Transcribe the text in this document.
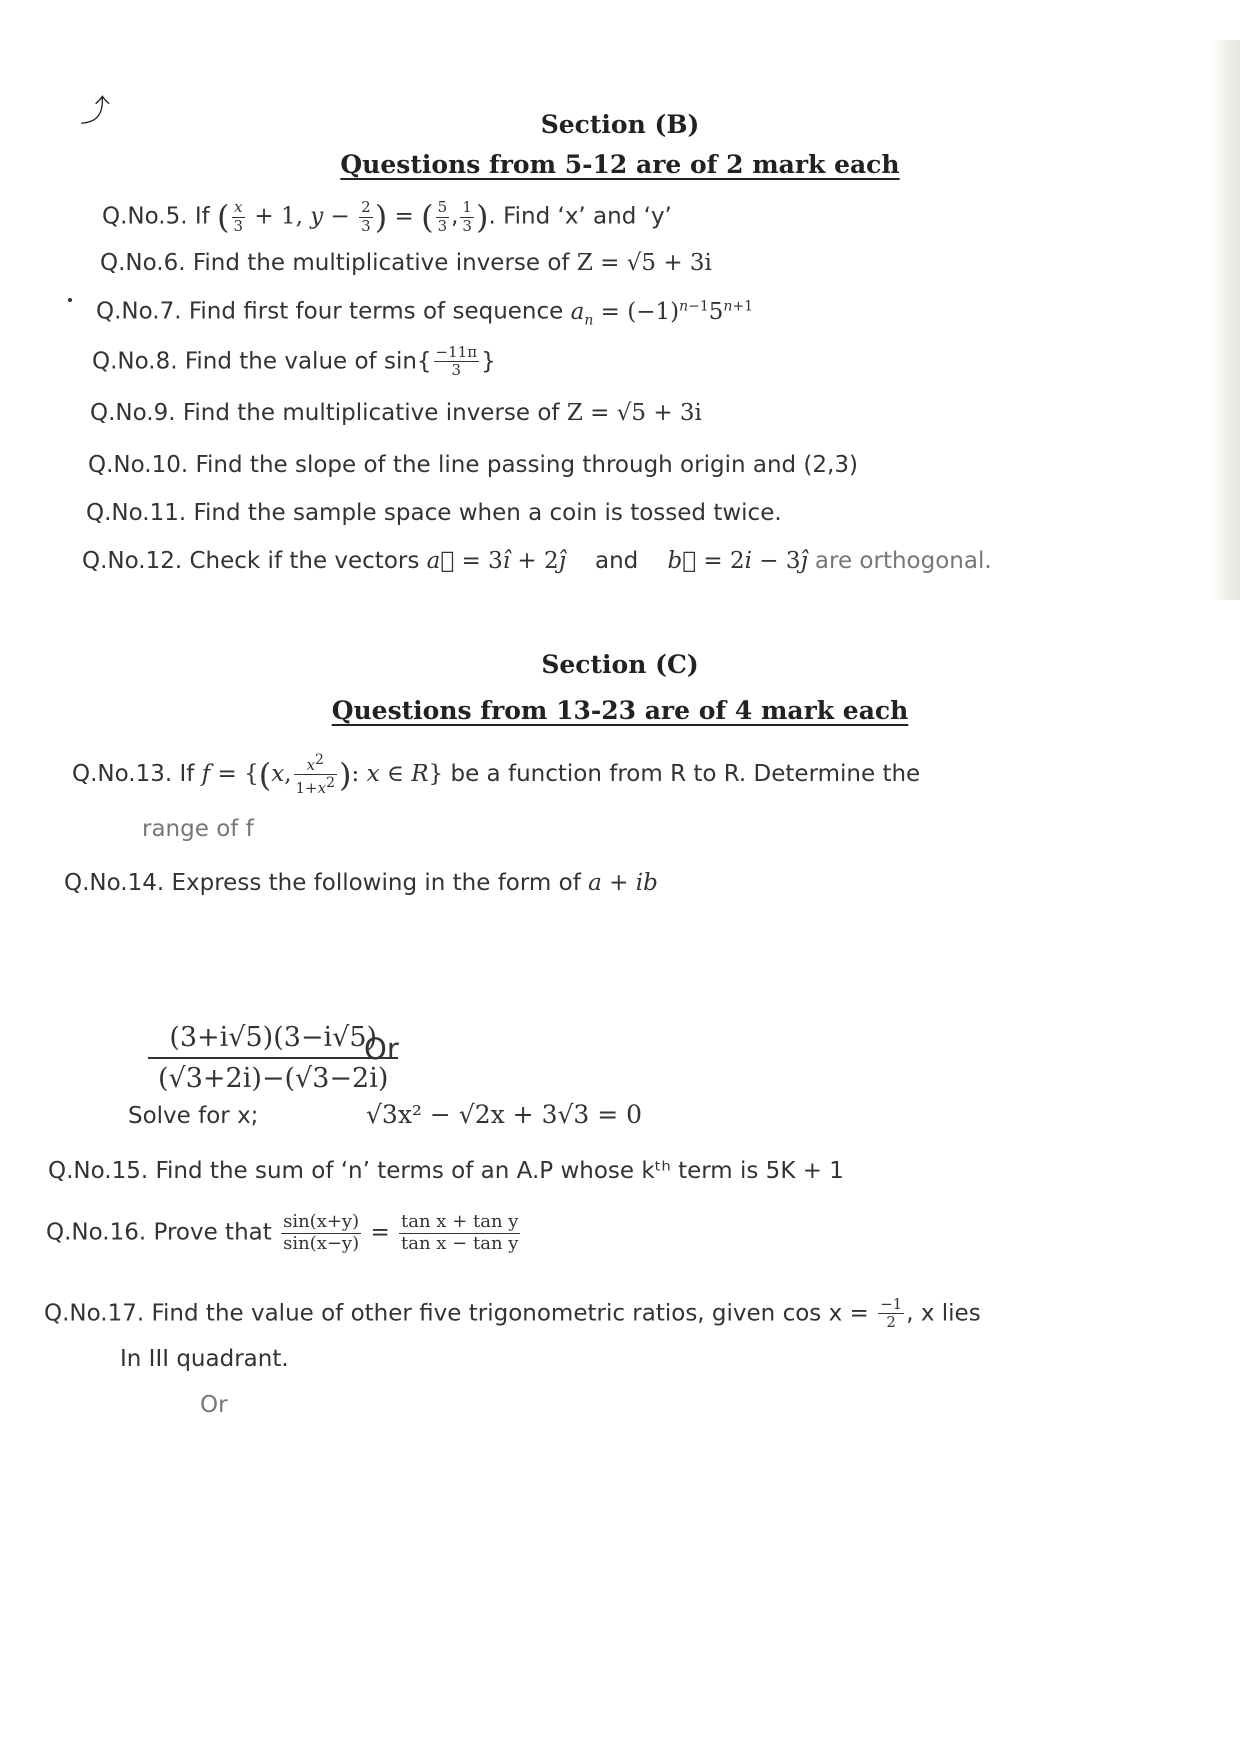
⤴	Section (B)
Questions from 5-12 are of 2 mark each
Q.No.5. If ( $\frac{x}{3} + 1$, $y - \frac{2}{3}$ ) = ( $\frac{5}{3}$ , $\frac{1}{3}$ ). Find ‘x’ and ‘y’
Q.No.6. Find the multiplicative inverse of Z = √5 + 3i
Q.No.7. Find first four terms of sequence $a_n = (-1)^{n-1}5^{n+1}$
Q.No.8. Find the value of $\sin\{ \frac{-11\pi}{3}$ }
Q.No.9. Find the multiplicative inverse of Z = √5 + 3i
Q.No.10. Find the slope of the line passing through origin and (2,3)
Q.No.11. Find the sample space when a coin is tossed twice.
Q.No.12. Check if the vectors a⃗ = 3î + 2ĵ and b⃗ = 2i − 3ĵ are orthogonal.
Section (C)
Questions from 13-23 are of 4 mark each
Q.No.13. If f = {(x, $\frac{x^2}{1+x^2}$ ): x ∈ R} be a function from R to R. Determine the
range of f
Q.No.14. Express the following in the form of a + ib
$\frac{(3+i√5)(3-i√5)}{(√3+2i)-(√3-2i)}$
Or
Solve for x;	√3x² − √2x + 3√3 = 0
Q.No.15. Find the sum of ‘n’ terms of an A.P whose kᵗʰ term is 5K + 1
Q.No.16. Prove that $\frac{\sin(x+y)}{\sin(x-y)} = \frac{\text{tan x + tan y}}{\text{tan x − tan y}}$
Q.No.17. Find the value of other five trigonometric ratios, given $\cos x = \frac{-1}{2}$ , x lies
In III quadrant.
Or
